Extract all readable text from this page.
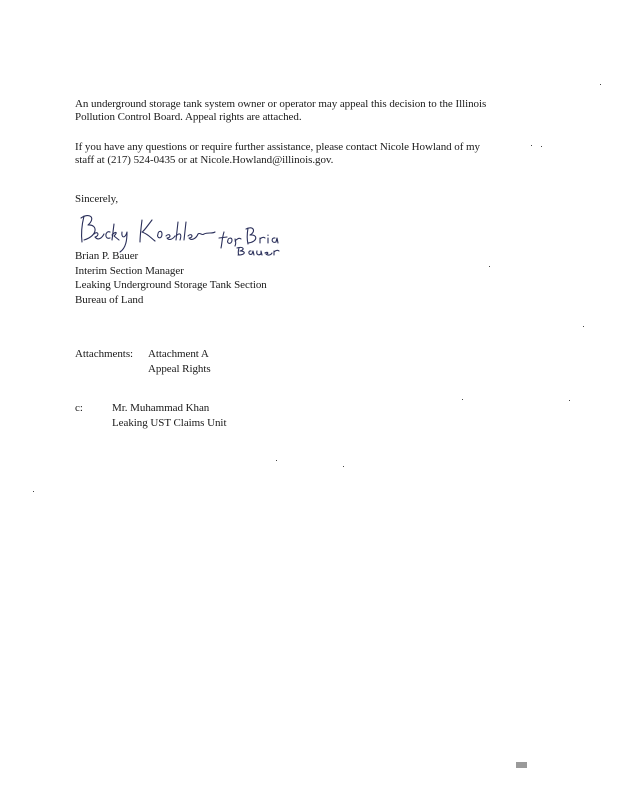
An underground storage tank system owner or operator may appeal this decision to the Illinois
Pollution Control Board. Appeal rights are attached.
If you have any questions or require further assistance, please contact Nicole Howland of my
staff at (217) 524-0435 or at Nicole.Howland@illinois.gov.
Sincerely,
Brian P. Bauer
Interim Section Manager
Leaking Underground Storage Tank Section
Bureau of Land
Attachments: Attachment A
Appeal Rights
c:	Mr. Muhammad Khan
Leaking UST Claims Unit
